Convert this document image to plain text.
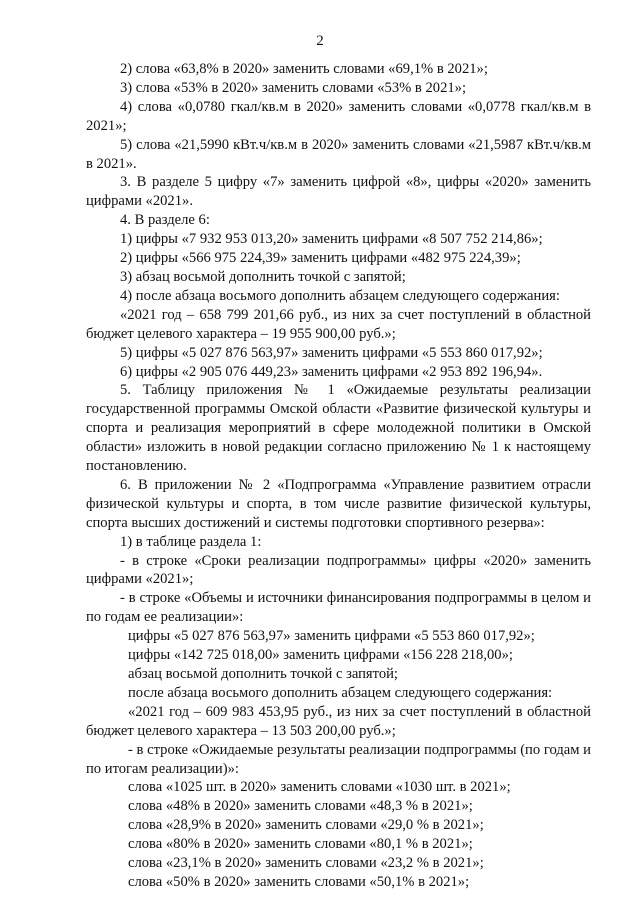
2

2) слова «63,8% в 2020» заменить словами «69,1% в 2021»;

3) слова «53% в 2020» заменить словами «53% в 2021»;

4) слова «0,0780 гкал/кв.м в 2020» заменить словами «0,0778 гкал/кв.м в 2021»;

5) слова «21,5990 кВт.ч/кв.м в 2020» заменить словами «21,5987 кВт.ч/кв.м в 2021».

3. В разделе 5 цифру «7» заменить цифрой «8», цифры «2020» заменить цифрами «2021».

4. В разделе 6:

1) цифры «7 932 953 013,20» заменить цифрами «8 507 752 214,86»;

2) цифры «566 975 224,39» заменить цифрами «482 975 224,39»;

3) абзац восьмой дополнить точкой с запятой;

4) после абзаца восьмого дополнить абзацем следующего содержания:

«2021 год – 658 799 201,66 руб., из них за счет поступлений в областной бюджет целевого характера – 19 955 900,00 руб.»;

5) цифры «5 027 876 563,97» заменить цифрами «5 553 860 017,92»;

6) цифры «2 905 076 449,23» заменить цифрами «2 953 892 196,94».

5. Таблицу приложения № 1 «Ожидаемые результаты реализации государственной программы Омской области «Развитие физической культуры и спорта и реализация мероприятий в сфере молодежной политики в Омской области» изложить в новой редакции согласно приложению № 1 к настоящему постановлению.

6. В приложении № 2 «Подпрограмма «Управление развитием отрасли физической культуры и спорта, в том числе развитие физической культуры, спорта высших достижений и системы подготовки спортивного резерва»:

1) в таблице раздела 1:

- в строке «Сроки реализации подпрограммы» цифры «2020» заменить цифрами «2021»;

- в строке «Объемы и источники финансирования подпрограммы в целом и по годам ее реализации»:

цифры «5 027 876 563,97» заменить цифрами «5 553 860 017,92»;

цифры «142 725 018,00» заменить цифрами «156 228 218,00»;

абзац восьмой дополнить точкой с запятой;

после абзаца восьмого дополнить абзацем следующего содержания:

«2021 год – 609 983 453,95 руб., из них за счет поступлений в областной бюджет целевого характера – 13 503 200,00 руб.»;

- в строке «Ожидаемые результаты реализации подпрограммы (по годам и по итогам реализации)»:

слова «1025 шт. в 2020» заменить словами «1030 шт. в 2021»;

слова «48% в 2020» заменить словами «48,3 % в 2021»;

слова «28,9% в 2020» заменить словами «29,0 % в 2021»;

слова «80% в 2020» заменить словами «80,1 % в 2021»;

слова «23,1% в 2020» заменить словами «23,2 % в 2021»;

слова «50% в 2020» заменить словами «50,1% в 2021»;
